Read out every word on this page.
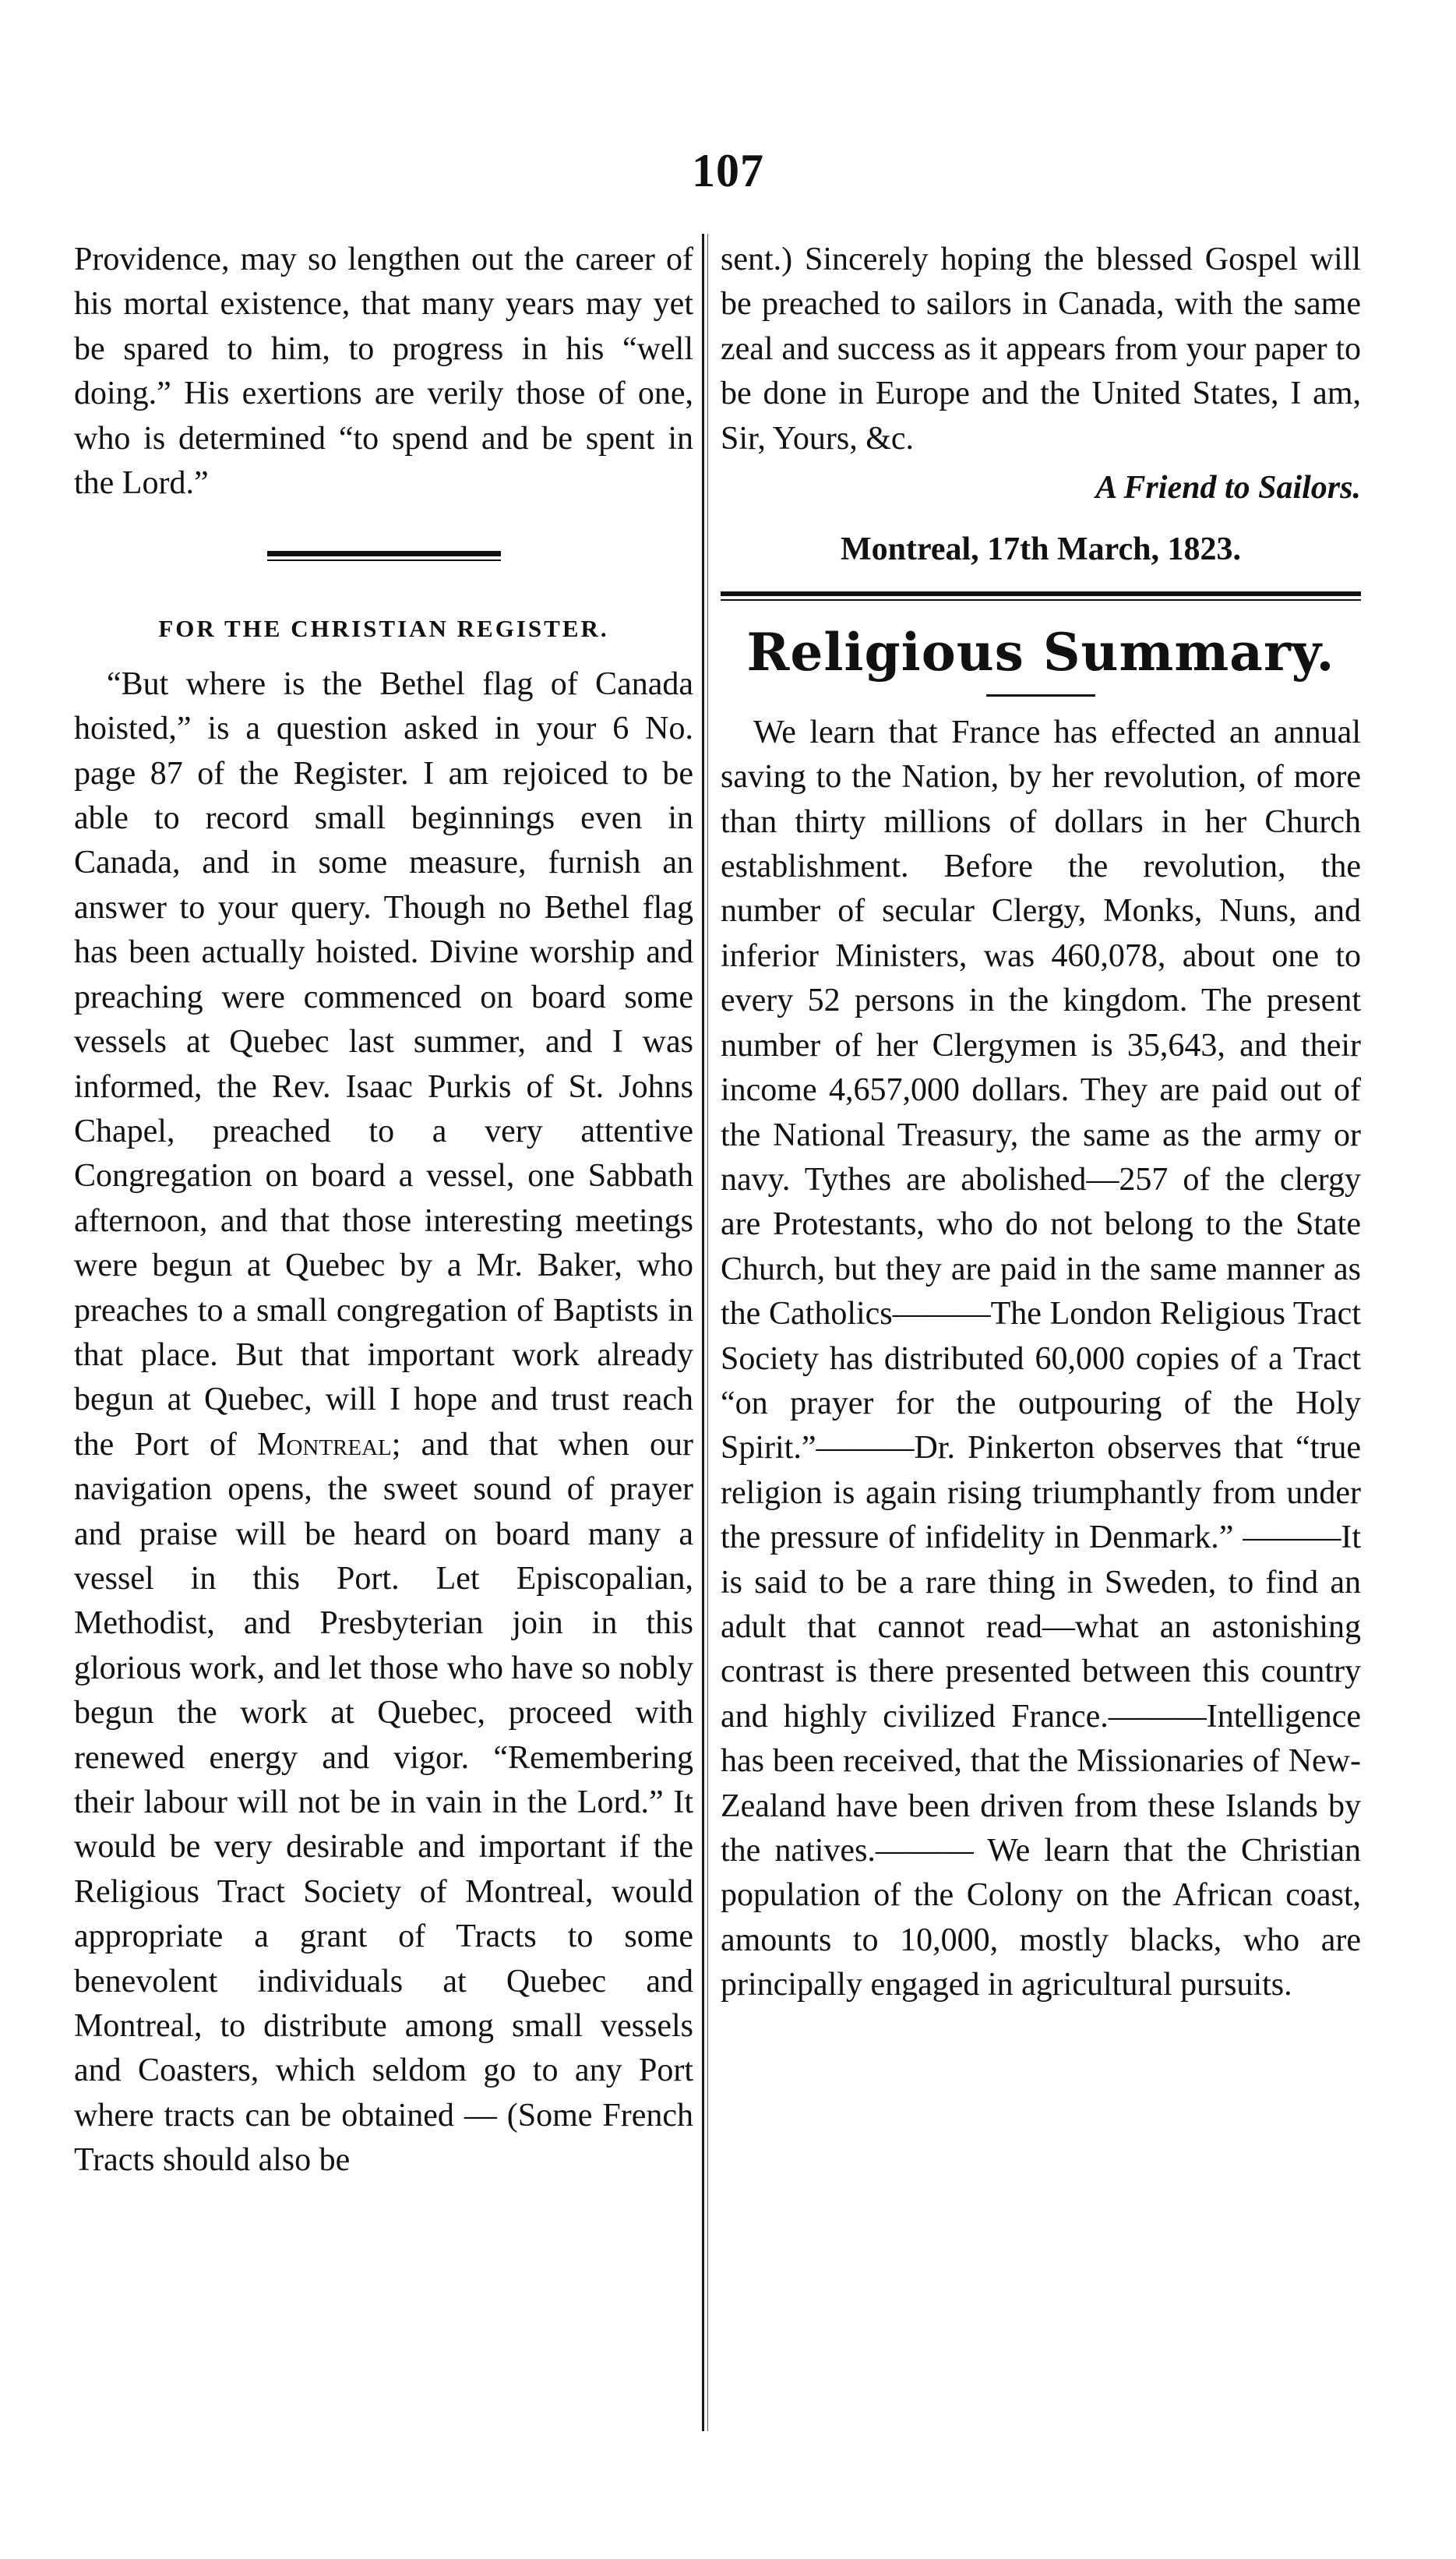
107

Providence, may so lengthen out the career of his mortal existence, that many years may yet be spared to him, to progress in his “well doing.” His exertions are verily those of one, who is determined “to spend and be spent in the Lord.”

FOR THE CHRISTIAN REGISTER.

“But where is the Bethel flag of Canada hoisted,” is a question asked in your 6 No. page 87 of the Register. I am rejoiced to be able to record small beginnings even in Canada, and in some measure, furnish an answer to your query. Though no Bethel flag has been actually hoisted. Divine worship and preaching were commenced on board some vessels at Quebec last summer, and I was informed, the Rev. Isaac Purkis of St. Johns Chapel, preached to a very attentive Congregation on board a vessel, one Sabbath afternoon, and that those interesting meetings were begun at Quebec by a Mr. Baker, who preaches to a small congregation of Baptists in that place. But that important work already begun at Quebec, will I hope and trust reach the Port of Montreal; and that when our navigation opens, the sweet sound of prayer and praise will be heard on board many a vessel in this Port. Let Episcopalian, Methodist, and Presbyterian join in this glorious work, and let those who have so nobly begun the work at Quebec, proceed with renewed energy and vigor. “Remembering their labour will not be in vain in the Lord.” It would be very desirable and important if the Religious Tract Society of Montreal, would appropriate a grant of Tracts to some benevolent individuals at Quebec and Montreal, to distribute among small vessels and Coasters, which seldom go to any Port where tracts can be obtained — (Some French Tracts should also be

sent.) Sincerely hoping the blessed Gospel will be preached to sailors in Canada, with the same zeal and success as it appears from your paper to be done in Europe and the United States, I am, Sir, Yours, &c.

A Friend to Sailors.
Montreal, 17th March, 1823.
Religious Summary.

We learn that France has effected an annual saving to the Nation, by her revolution, of more than thirty millions of dollars in her Church establishment. Before the revolution, the number of secular Clergy, Monks, Nuns, and inferior Ministers, was 460,078, about one to every 52 persons in the kingdom. The present number of her Clergymen is 35,643, and their income 4,657,000 dollars. They are paid out of the National Treasury, the same as the army or navy. Tythes are abolished—257 of the clergy are Protestants, who do not belong to the State Church, but they are paid in the same manner as the Catholics———The London Religious Tract Society has distributed 60,000 copies of a Tract “on prayer for the outpouring of the Holy Spirit.”———Dr. Pinkerton observes that “true religion is again rising triumphantly from under the pressure of infidelity in Denmark.” ———It is said to be a rare thing in Sweden, to find an adult that cannot read—what an astonishing contrast is there presented between this country and highly civilized France.———Intelligence has been received, that the Missionaries of New-Zealand have been driven from these Islands by the natives.——— We learn that the Christian population of the Colony on the African coast, amounts to 10,000, mostly blacks, who are principally engaged in agricultural pursuits.
